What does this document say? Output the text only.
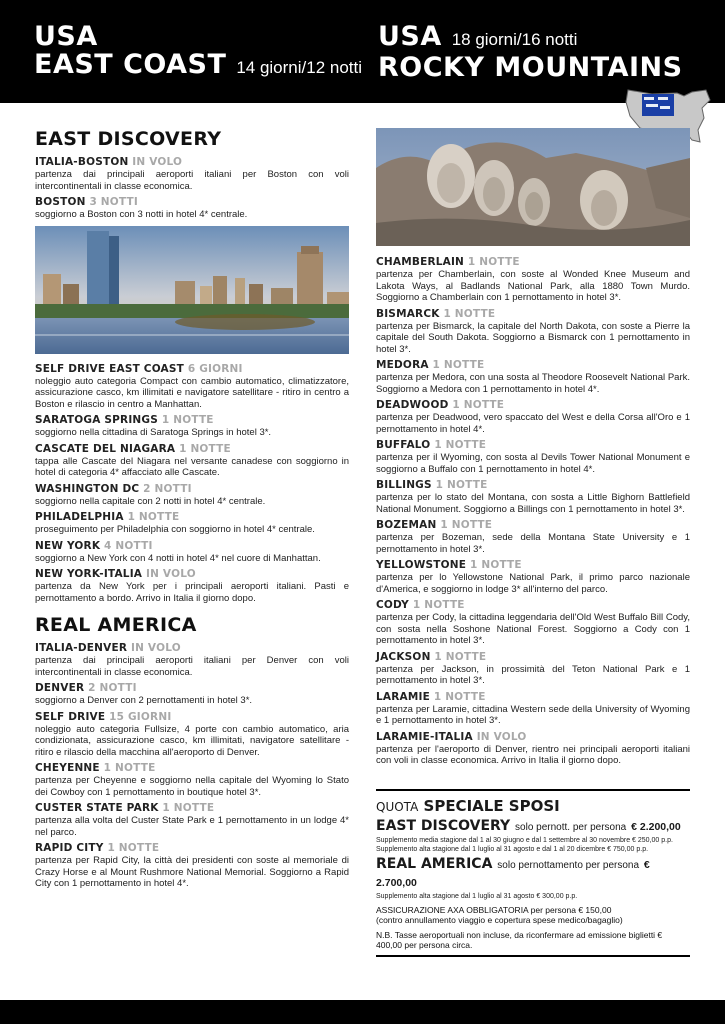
USA
EAST COAST 14 giorni/12 notti
USA 18 giorni/16 notti
ROCKY MOUNTAINS
EAST DISCOVERY
ITALIA-BOSTON IN VOLO
partenza dai principali aeroporti italiani per Boston con voli intercontinentali in classe economica.
BOSTON 3 NOTTI
soggiorno a Boston con 3 notti in hotel 4* centrale.
SELF DRIVE EAST COAST 6 GIORNI
noleggio auto categoria Compact con cambio automatico, climatizzatore, assicurazione casco, km illimitati e navigatore satellitare - ritiro in centro a Boston e rilascio in centro a Manhattan.
SARATOGA SPRINGS 1 NOTTE
soggiorno nella cittadina di Saratoga Springs in hotel 3*.
CASCATE DEL NIAGARA 1 NOTTE
tappa alle Cascate del Niagara nel versante canadese con soggiorno in hotel di categoria 4* affacciato alle Cascate.
WASHINGTON DC 2 NOTTI
soggiorno nella capitale con 2 notti in hotel 4* centrale.
PHILADELPHIA 1 NOTTE
proseguimento per Philadelphia con soggiorno in hotel 4* centrale.
NEW YORK 4 NOTTI
soggiorno a New York con 4 notti in hotel 4* nel cuore di Manhattan.
NEW YORK-ITALIA IN VOLO
partenza da New York per i principali aeroporti italiani. Pasti e pernottamento a bordo. Arrivo in Italia il giorno dopo.
REAL AMERICA
ITALIA-DENVER IN VOLO
partenza dai principali aeroporti italiani per Denver con voli intercontinentali in classe economica.
DENVER 2 NOTTI
soggiorno a Denver con 2 pernottamenti in hotel 3*.
SELF DRIVE 15 GIORNI
noleggio auto categoria Fullsize, 4 porte con cambio automatico, aria condizionata, assicurazione casco, km illimitati, navigatore satellitare - ritiro e rilascio della macchina all'aeroporto di Denver.
CHEYENNE 1 NOTTE
partenza per Cheyenne e soggiorno nella capitale del Wyoming lo Stato dei Cowboy con 1 pernottamento in boutique hotel 3*.
CUSTER STATE PARK 1 NOTTE
partenza alla volta del Custer State Park e 1 pernottamento in un lodge 4* nel parco.
RAPID CITY 1 NOTTE
partenza per Rapid City, la città dei presidenti con soste al memoriale di Crazy Horse e al Mount Rushmore National Memorial. Soggiorno a Rapid City con 1 pernottamento in hotel 4*.
CHAMBERLAIN 1 NOTTE
partenza per Chamberlain, con soste al Wonded Knee Museum and Lakota Ways, al Badlands National Park, alla 1880 Town Murdo. Soggiorno a Chamberlain con 1 pernottamento in hotel 3*.
BISMARCK 1 NOTTE
partenza per Bismarck, la capitale del North Dakota, con soste a Pierre la capitale del South Dakota. Soggiorno a Bismarck con 1 pernottamento in hotel 3*.
MEDORA 1 NOTTE
partenza per Medora, con una sosta al Theodore Roosevelt National Park. Soggiorno a Medora con 1 pernottamento in hotel 4*.
DEADWOOD 1 NOTTE
partenza per Deadwood, vero spaccato del West e della Corsa all'Oro e 1 pernottamento in hotel 4*.
BUFFALO 1 NOTTE
partenza per il Wyoming, con sosta al Devils Tower National Monument e soggiorno a Buffalo con 1 pernottamento in hotel 4*.
BILLINGS 1 NOTTE
partenza per lo stato del Montana, con sosta a Little Bighorn Battlefield National Monument. Soggiorno a Billings con 1 pernottamento in hotel 3*.
BOZEMAN 1 NOTTE
partenza per Bozeman, sede della Montana State University e 1 pernottamento in hotel 3*.
YELLOWSTONE 1 NOTTE
partenza per lo Yellowstone National Park, il primo parco nazionale d'America, e soggiorno in lodge 3* all'interno del parco.
CODY 1 NOTTE
partenza per Cody, la cittadina leggendaria dell'Old West Buffalo Bill Cody, con sosta nella Soshone National Forest. Soggiorno a Cody con 1 pernottamento in hotel 3*.
JACKSON 1 NOTTE
partenza per Jackson, in prossimità del Teton National Park e 1 pernottamento in hotel 3*.
LARAMIE 1 NOTTE
partenza per Laramie, cittadina Western sede della University of Wyoming e 1 pernottamento in hotel 3*.
LARAMIE-ITALIA IN VOLO
partenza per l'aeroporto di Denver, rientro nei principali aeroporti italiani con voli in classe economica. Arrivo in Italia il giorno dopo.
QUOTA SPECIALE SPOSI
EAST DISCOVERY solo pernott. per persona € 2.200,00
Supplemento media stagione dal 1 al 30 giugno e dal 1 settembre al 30 novembre € 250,00 p.p.
Supplemento alta stagione dal 1 luglio al 31 agosto e dal 1 al 20 dicembre € 750,00 p.p.
REAL AMERICA solo pernottamento per persona € 2.700,00
Supplemento alta stagione dal 1 luglio al 31 agosto € 300,00 p.p.
ASSICURAZIONE AXA OBBLIGATORIA per persona € 150,00
(contro annullamento viaggio e copertura spese medico/bagaglio)
N.B. Tasse aeroportuali non incluse, da riconfermare ad emissione biglietti € 400,00 per persona circa.
